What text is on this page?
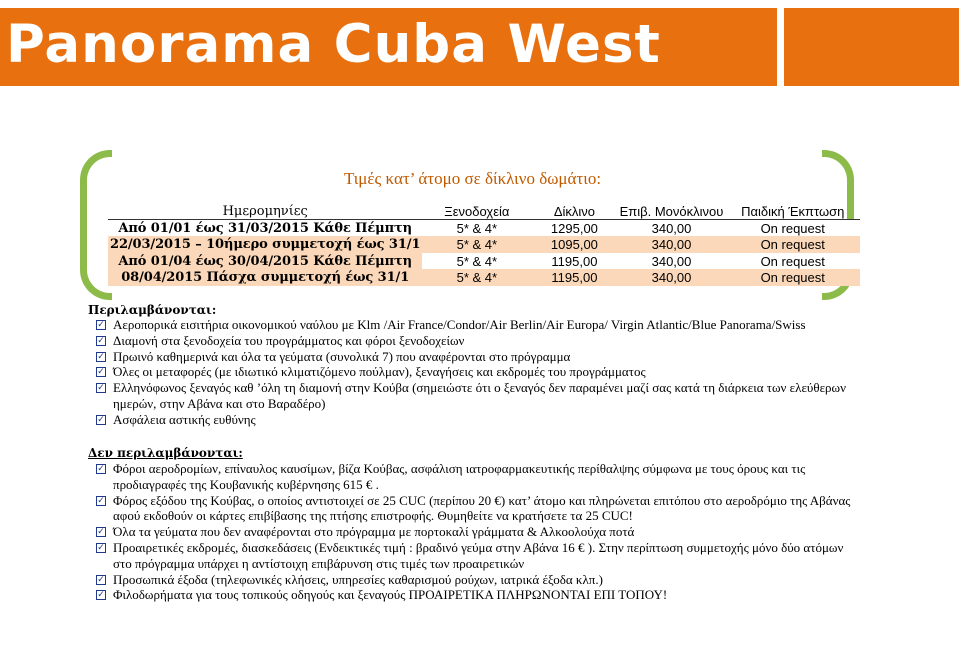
Panorama Cuba West
Τιμές κατ’ άτομο σε δίκλινο δωμάτιο:
Ημερομηνίες	Ξενοδοχεία	Δίκλινο	Επιβ. Μονόκλινου	Παιδική Έκπτωση
Από 01/01 έως 31/03/2015 Κάθε Πέμπτη	5* & 4*	1295,00	340,00	On request
22/03/2015 – 10ήμερο συμμετοχή έως 31/1	5* & 4*	1095,00	340,00	On request
Από 01/04 έως 30/04/2015 Κάθε Πέμπτη	5* & 4*	1195,00	340,00	On request
08/04/2015 Πάσχα συμμετοχή έως 31/1	5* & 4*	1195,00	340,00	On request
Περιλαμβάνονται:
✓ Αεροπορικά εισιτήρια οικονομικού ναύλου με Klm /Air France/Condor/Air Berlin/Air Europa/ Virgin Atlantic/Blue Panorama/Swiss
✓ Διαμονή στα ξενοδοχεία του προγράμματος και φόροι ξενοδοχείων
✓ Πρωινό καθημερινά και όλα τα γεύματα (συνολικά 7) που αναφέρονται στο πρόγραμμα
✓ Όλες οι μεταφορές (με ιδιωτικό κλιματιζόμενο πούλμαν), ξεναγήσεις και εκδρομές του προγράμματος
✓ Ελληνόφωνος ξεναγός καθ ’όλη τη διαμονή στην Κούβα (σημειώστε ότι ο ξεναγός δεν παραμένει μαζί σας κατά τη διάρκεια των ελεύθερων ημερών, στην Αβάνα και στο Βαραδέρο)
✓ Ασφάλεια αστικής ευθύνης
Δεν περιλαμβάνονται:
✓ Φόροι αεροδρομίων, επίναυλος καυσίμων, βίζα Κούβας, ασφάλιση ιατροφαρμακευτικής περίθαλψης σύμφωνα με τους όρους και τις προδιαγραφές της Κουβανικής κυβέρνησης 615 € .
✓ Φόρος εξόδου της Κούβας, ο οποίος αντιστοιχεί σε 25 CUC (περίπου 20 €) κατ’ άτομο και πληρώνεται επιτόπου στο αεροδρόμιο της Αβάνας αφού εκδοθούν οι κάρτες επιβίβασης της πτήσης επιστροφής. Θυμηθείτε να κρατήσετε τα 25 CUC!
✓ Όλα τα γεύματα που δεν αναφέρονται στο πρόγραμμα με πορτοκαλί γράμματα & Αλκοολούχα ποτά
✓ Προαιρετικές εκδρομές, διασκεδάσεις (Ενδεικτικές τιμή : βραδινό γεύμα στην Αβάνα 16 € ). Στην περίπτωση συμμετοχής μόνο δύο ατόμων στο πρόγραμμα υπάρχει η αντίστοιχη επιβάρυνση στις τιμές των προαιρετικών
✓ Προσωπικά έξοδα (τηλεφωνικές κλήσεις, υπηρεσίες καθαρισμού ρούχων, ιατρικά έξοδα κλπ.)
✓ Φιλοδωρήματα για τους τοπικούς οδηγούς και ξεναγούς ΠΡΟΑΙΡΕΤΙΚΑ ΠΛΗΡΩΝΟΝΤΑΙ ΕΠΙ ΤΟΠΟΥ!
